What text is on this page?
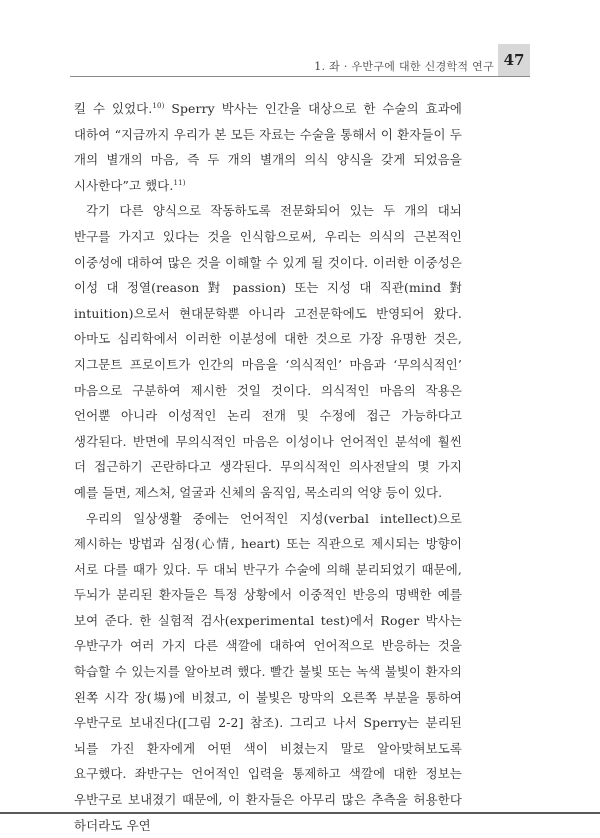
1. 좌 · 우반구에 대한 신경학적 연구 47

킬 수 있었다.$^{10)}$ Sperry 박사는 인간을 대상으로 한 수술의 효과에 대하여 “지금까지 우리가 본 모든 자료는 수술을 통해서 이 환자들이 두 개의 별개의 마음, 즉 두 개의 별개의 의식 양식을 갖게 되었음을 시사한다”고 했다.$^{11)}$

각기 다른 양식으로 작동하도록 전문화되어 있는 두 개의 대뇌 반구를 가지고 있다는 것을 인식함으로써, 우리는 의식의 근본적인 이중성에 대하여 많은 것을 이해할 수 있게 될 것이다. 이러한 이중성은 이성 대 정열(reason 對 passion) 또는 지성 대 직관(mind 對 intuition)으로서 현대문학뿐 아니라 고전문학에도 반영되어 왔다. 아마도 심리학에서 이러한 이분성에 대한 것으로 가장 유명한 것은, 지그문트 프로이트가 인간의 마음을 ‘의식적인’ 마음과 ‘무의식적인’ 마음으로 구분하여 제시한 것일 것이다. 의식적인 마음의 작용은 언어뿐 아니라 이성적인 논리 전개 및 수정에 접근 가능하다고 생각된다. 반면에 무의식적인 마음은 이성이나 언어적인 분석에 훨씬 더 접근하기 곤란하다고 생각된다. 무의식적인 의사전달의 몇 가지 예를 들면, 제스처, 얼굴과 신체의 움직임, 목소리의 억양 등이 있다.

우리의 일상생활 중에는 언어적인 지성(verbal intellect)으로 제시하는 방법과 심정(心情, heart) 또는 직관으로 제시되는 방향이 서로 다를 때가 있다. 두 대뇌 반구가 수술에 의해 분리되었기 때문에, 두뇌가 분리된 환자들은 특정 상황에서 이중적인 반응의 명백한 예를 보여 준다. 한 실험적 검사(experimental test)에서 Roger 박사는 우반구가 여러 가지 다른 색깔에 대하여 언어적으로 반응하는 것을 학습할 수 있는지를 알아보려 했다. 빨간 불빛 또는 녹색 불빛이 환자의 왼쪽 시각 장(場)에 비쳤고, 이 불빛은 망막의 오른쪽 부분을 통하여 우반구로 보내진다([그림 2-2] 참조). 그리고 나서 Sperry는 분리된 뇌를 가진 환자에게 어떤 색이 비쳤는지 말로 알아맞혀보도록 요구했다. 좌반구는 언어적인 입력을 통제하고 색깔에 대한 정보는 우반구로 보내졌기 때문에, 이 환자들은 아무리 많은 추측을 허용한다 하더라도 우연
